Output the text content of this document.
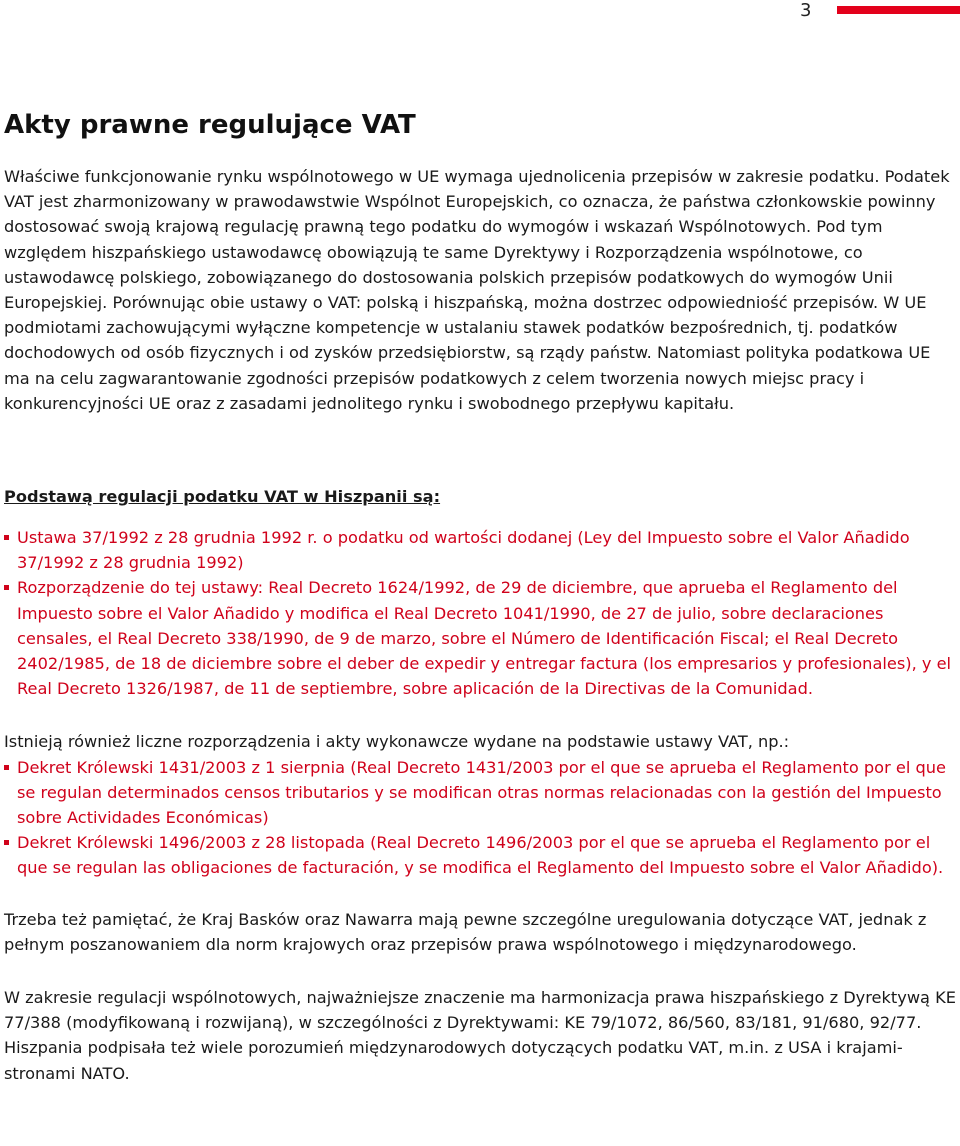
3
Akty prawne regulujące VAT

Właściwe funkcjonowanie rynku wspólnotowego w UE wymaga ujednolicenia przepisów w zakresie podatku. Podatek VAT jest zharmonizowany w prawodawstwie Wspólnot Europejskich, co oznacza, że państwa członkowskie powinny dostosować swoją krajową regulację prawną tego podatku do wymogów i wskazań Wspólnotowych. Pod tym względem hiszpańskiego ustawodawcę obowiązują te same Dyrektywy i Rozporządzenia wspólnotowe, co ustawodawcę polskiego, zobowiązanego do dostosowania polskich przepisów podatkowych do wymogów Unii Europejskiej. Porównując obie ustawy o VAT: polską i hiszpańską, można dostrzec odpowiedniość przepisów. W UE podmiotami zachowującymi wyłączne kompetencje w ustalaniu stawek podatków bezpośrednich, tj. podatków dochodowych od osób fizycznych i od zysków przedsiębiorstw, są rządy państw. Natomiast polityka podatkowa UE ma na celu zagwarantowanie zgodności przepisów podatkowych z celem tworzenia nowych miejsc pracy i konkurencyjności UE oraz z zasadami jednolitego rynku i swobodnego przepływu kapitału.

Podstawą regulacji podatku VAT w Hiszpanii są:
Ustawa 37/1992 z 28 grudnia 1992 r. o podatku od wartości dodanej (Ley del Impuesto sobre el Valor Añadido 37/1992 z 28 grudnia 1992)
Rozporządzenie do tej ustawy: Real Decreto 1624/1992, de 29 de diciembre, que aprueba el Reglamento del Impuesto sobre el Valor Añadido y modifica el Real Decreto 1041/1990, de 27 de julio, sobre declaraciones censales, el Real Decreto 338/1990, de 9 de marzo, sobre el Número de Identificación Fiscal; el Real Decreto 2402/1985, de 18 de diciembre sobre el deber de expedir y entregar factura (los empresarios y profesionales), y el Real Decreto 1326/1987, de 11 de septiembre, sobre aplicación de la Directivas de la Comunidad.

Istnieją również liczne rozporządzenia i akty wykonawcze wydane na podstawie ustawy VAT, np.:

Dekret Królewski 1431/2003 z 1 sierpnia (Real Decreto 1431/2003 por el que se aprueba el Reglamento por el que se regulan determinados censos tributarios y se modifican otras normas relacionadas con la gestión del Impuesto sobre Actividades Económicas)
Dekret Królewski 1496/2003 z 28 listopada (Real Decreto 1496/2003 por el que se aprueba el Reglamento por el que se regulan las obligaciones de facturación, y se modifica el Reglamento del Impuesto sobre el Valor Añadido).

Trzeba też pamiętać, że Kraj Basków oraz Nawarra mają pewne szczególne uregulowania dotyczące VAT, jednak z pełnym poszanowaniem dla norm krajowych oraz przepisów prawa wspólnotowego i międzynarodowego.

W zakresie regulacji wspólnotowych, najważniejsze znaczenie ma harmonizacja prawa hiszpańskiego z Dyrektywą KE 77/388 (modyfikowaną i rozwijaną), w szczególności z Dyrektywami: KE 79/1072, 86/560, 83/181, 91/680, 92/77. Hiszpania podpisała też wiele porozumień międzynarodowych dotyczących podatku VAT, m.in. z USA i krajami-stronami NATO.
